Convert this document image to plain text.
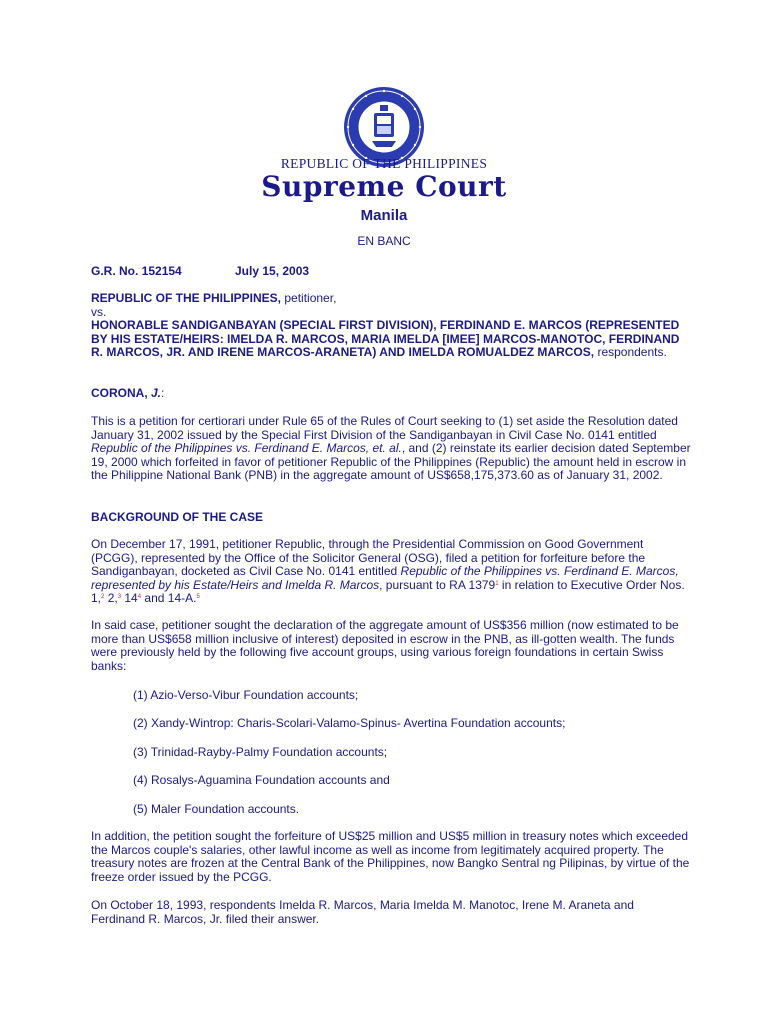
REPUBLIC OF THE PHILIPPINES
Supreme Court
Manila
EN BANC
G.R. No. 152154	July 15, 2003
REPUBLIC OF THE PHILIPPINES, petitioner,
vs.
HONORABLE SANDIGANBAYAN (SPECIAL FIRST DIVISION), FERDINAND E. MARCOS (REPRESENTED BY HIS ESTATE/HEIRS: IMELDA R. MARCOS, MARIA IMELDA [IMEE] MARCOS-MANOTOC, FERDINAND R. MARCOS, JR. AND IRENE MARCOS-ARANETA) AND IMELDA ROMUALDEZ MARCOS, respondents.
CORONA, J.:
This is a petition for certiorari under Rule 65 of the Rules of Court seeking to (1) set aside the Resolution dated January 31, 2002 issued by the Special First Division of the Sandiganbayan in Civil Case No. 0141 entitled Republic of the Philippines vs. Ferdinand E. Marcos, et. al., and (2) reinstate its earlier decision dated September 19, 2000 which forfeited in favor of petitioner Republic of the Philippines (Republic) the amount held in escrow in the Philippine National Bank (PNB) in the aggregate amount of US$658,175,373.60 as of January 31, 2002.
BACKGROUND OF THE CASE
On December 17, 1991, petitioner Republic, through the Presidential Commission on Good Government (PCGG), represented by the Office of the Solicitor General (OSG), filed a petition for forfeiture before the Sandiganbayan, docketed as Civil Case No. 0141 entitled Republic of the Philippines vs. Ferdinand E. Marcos, represented by his Estate/Heirs and Imelda R. Marcos, pursuant to RA 1379$^1$ in relation to Executive Order Nos. 1,$^2$ 2,$^3$ $14^4$ and 14-A.$^5$
In said case, petitioner sought the declaration of the aggregate amount of US$356 million (now estimated to be more than US$658 million inclusive of interest) deposited in escrow in the PNB, as ill-gotten wealth. The funds were previously held by the following five account groups, using various foreign foundations in certain Swiss banks:
(1) Azio-Verso-Vibur Foundation accounts;
(2) Xandy-Wintrop: Charis-Scolari-Valamo-Spinus- Avertina Foundation accounts;
(3) Trinidad-Rayby-Palmy Foundation accounts;
(4) Rosalys-Aguamina Foundation accounts and
(5) Maler Foundation accounts.
In addition, the petition sought the forfeiture of US$25 million and US$5 million in treasury notes which exceeded the Marcos couple's salaries, other lawful income as well as income from legitimately acquired property. The treasury notes are frozen at the Central Bank of the Philippines, now Bangko Sentral ng Pilipinas, by virtue of the freeze order issued by the PCGG.
On October 18, 1993, respondents Imelda R. Marcos, Maria Imelda M. Manotoc, Irene M. Araneta and Ferdinand R. Marcos, Jr. filed their answer.
